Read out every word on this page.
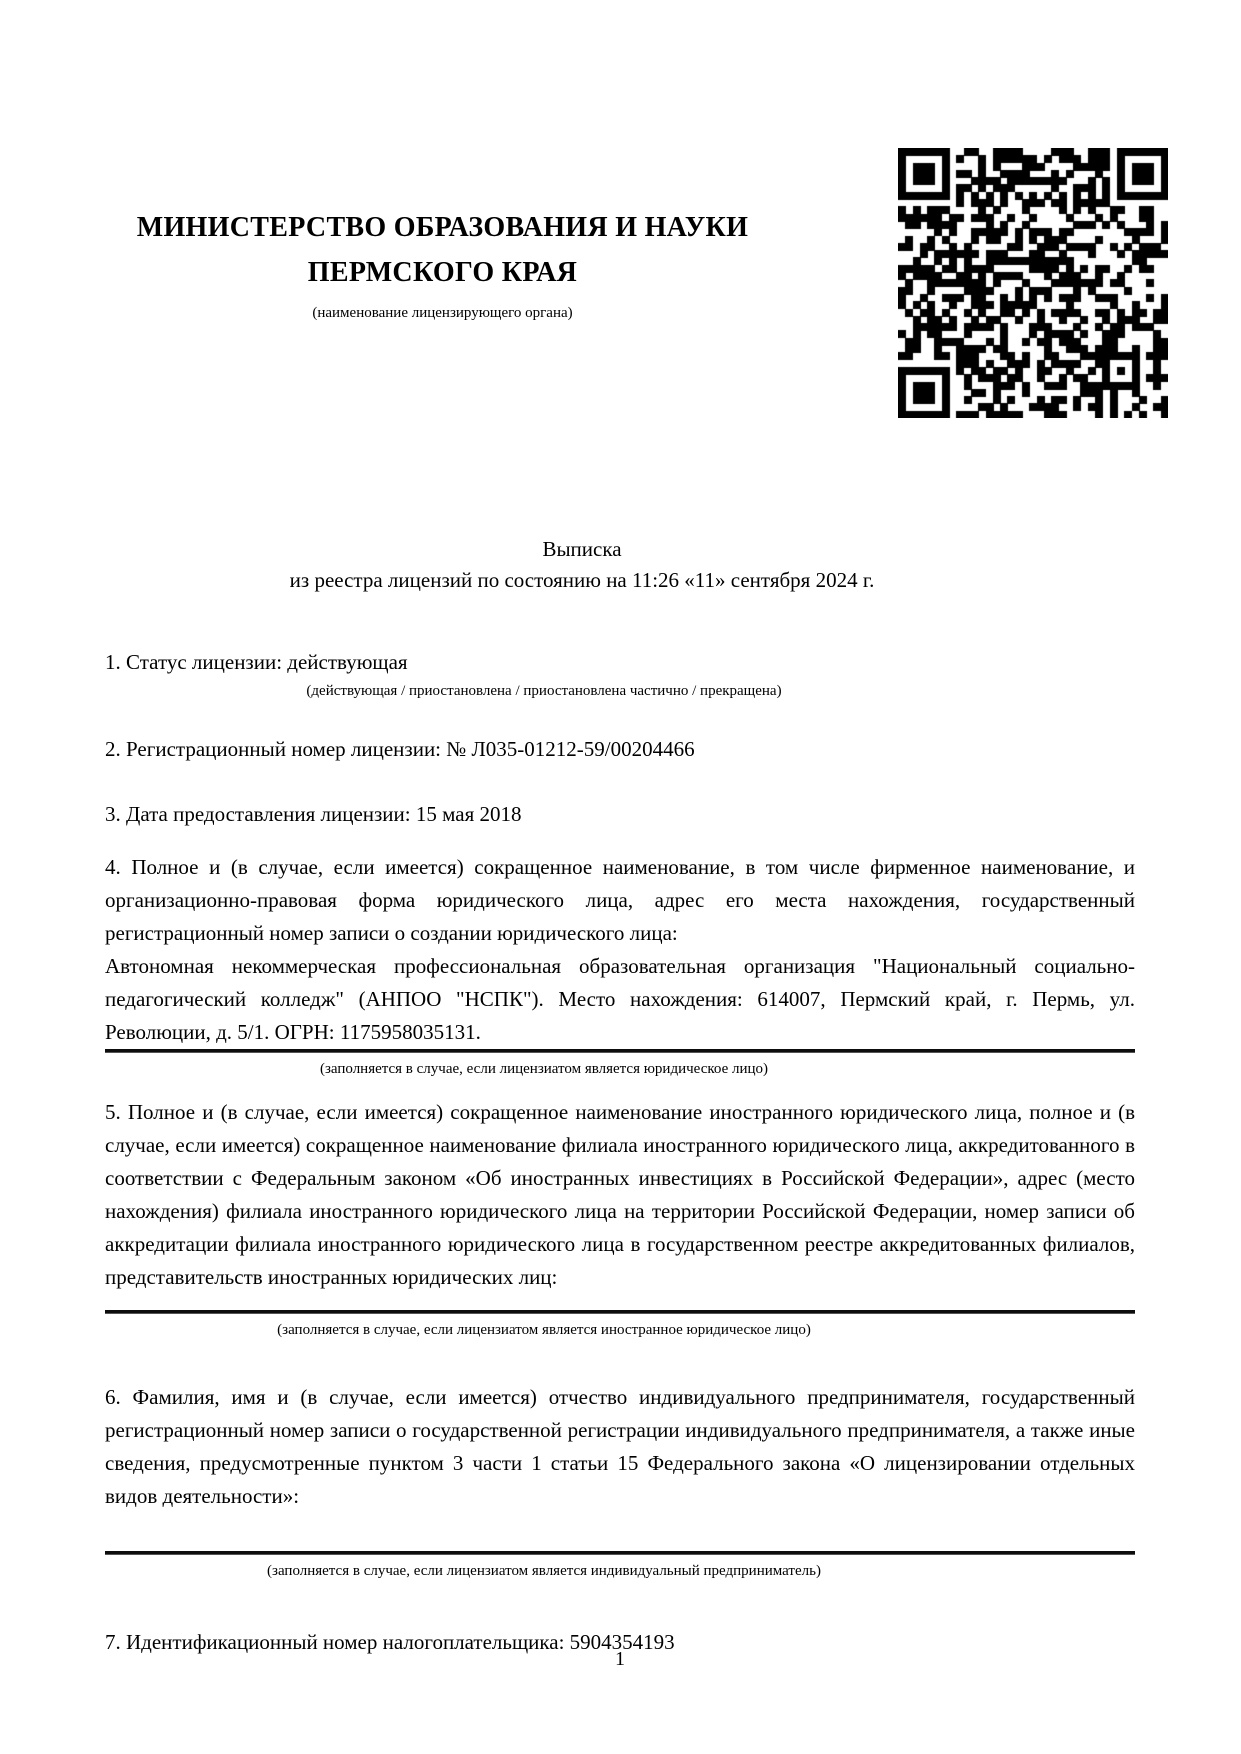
МИНИСТЕРСТВО ОБРАЗОВАНИЯ И НАУКИ
ПЕРМСКОГО КРАЯ
(наименование лицензирующего органа)
Выписка
из реестра лицензий по состоянию на 11:26 «11» сентября 2024 г.
1. Статус лицензии: действующая
(действующая / приостановлена / приостановлена частично / прекращена)
2. Регистрационный номер лицензии: № Л035-01212-59/00204466
3. Дата предоставления лицензии: 15 мая 2018
4. Полное и (в случае, если имеется) сокращенное наименование, в том числе фирменное наименование, и организационно-правовая форма юридического лица, адрес его места нахождения, государственный регистрационный номер записи о создании юридического лица:
Автономная некоммерческая профессиональная образовательная организация "Национальный социально-педагогический колледж" (АНПОО "НСПК"). Место нахождения: 614007, Пермский край, г. Пермь, ул. Революции, д. 5/1. ОГРН: 1175958035131.
(заполняется в случае, если лицензиатом является юридическое лицо)
5. Полное и (в случае, если имеется) сокращенное наименование иностранного юридического лица, полное и (в случае, если имеется) сокращенное наименование филиала иностранного юридического лица, аккредитованного в соответствии с Федеральным законом «Об иностранных инвестициях в Российской Федерации», адрес (место нахождения) филиала иностранного юридического лица на территории Российской Федерации, номер записи об аккредитации филиала иностранного юридического лица в государственном реестре аккредитованных филиалов, представительств иностранных юридических лиц:
(заполняется в случае, если лицензиатом является иностранное юридическое лицо)
6. Фамилия, имя и (в случае, если имеется) отчество индивидуального предпринимателя, государственный регистрационный номер записи о государственной регистрации индивидуального предпринимателя, а также иные сведения, предусмотренные пунктом 3 части 1 статьи 15 Федерального закона «О лицензировании отдельных видов деятельности»:
(заполняется в случае, если лицензиатом является индивидуальный предприниматель)
7. Идентификационный номер налогоплательщика: 5904354193
1
